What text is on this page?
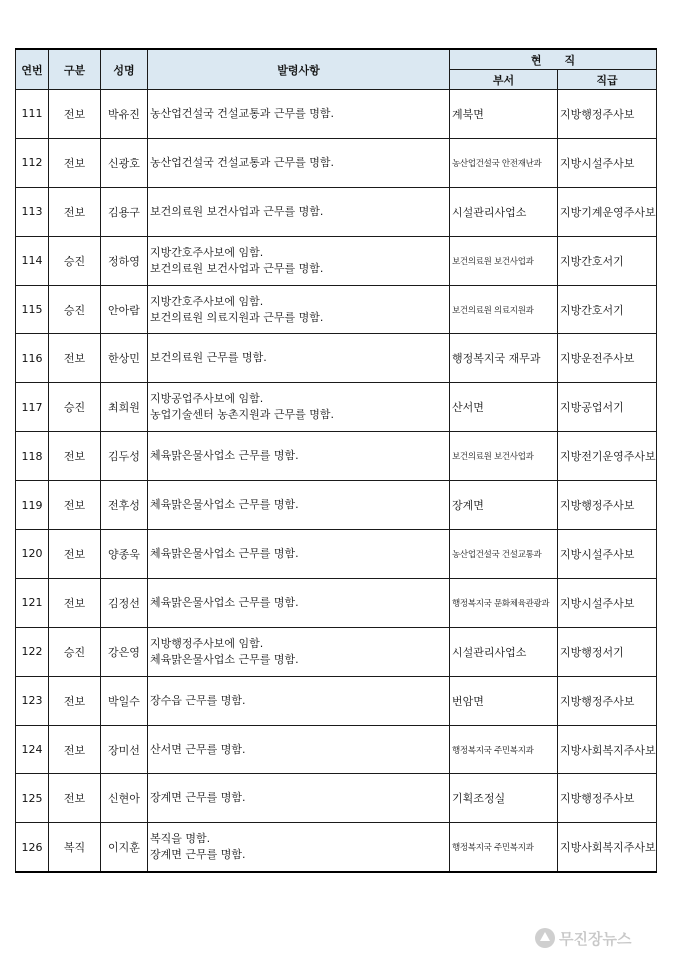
연번	구분	성명	발령사항	현      직	
				부서	직급
111	전보	박유진	농산업건설국 건설교통과 근무를 명함.	계북면	지방행정주사보
112	전보	신광호	농산업건설국 건설교통과 근무를 명함.	농산업건설국 안전재난과	지방시설주사보
113	전보	김용구	보건의료원 보건사업과 근무를 명함.	시설관리사업소	지방기계운영주사보
114	승진	정하영	지방간호주사보에 임함.
보건의료원 보건사업과 근무를 명함.	보건의료원 보건사업과	지방간호서기
115	승진	안아람	지방간호주사보에 임함.
보건의료원 의료지원과 근무를 명함.	보건의료원 의료지원과	지방간호서기
116	전보	한상민	보건의료원 근무를 명함.	행정복지국 재무과	지방운전주사보
117	승진	최희원	지방공업주사보에 임함.
농업기술센터 농촌지원과 근무를 명함.	산서면	지방공업서기
118	전보	김두성	체육맑은물사업소 근무를 명함.	보건의료원 보건사업과	지방전기운영주사보
119	전보	전후성	체육맑은물사업소 근무를 명함.	장계면	지방행정주사보
120	전보	양종욱	체육맑은물사업소 근무를 명함.	농산업건설국 건설교통과	지방시설주사보
121	전보	김정선	체육맑은물사업소 근무를 명함.	행정복지국 문화체육관광과	지방시설주사보
122	승진	강은영	지방행정주사보에 임함.
체육맑은물사업소 근무를 명함.	시설관리사업소	지방행정서기
123	전보	박일수	장수읍 근무를 명함.	번암면	지방행정주사보
124	전보	장미선	산서면 근무를 명함.	행정복지국 주민복지과	지방사회복지주사보
125	전보	신현아	장계면 근무를 명함.	기획조정실	지방행정주사보
126	복직	이지훈	복직을 명함.
장계면 근무를 명함.	행정복지국 주민복지과	지방사회복지주사보
무진장뉴스
